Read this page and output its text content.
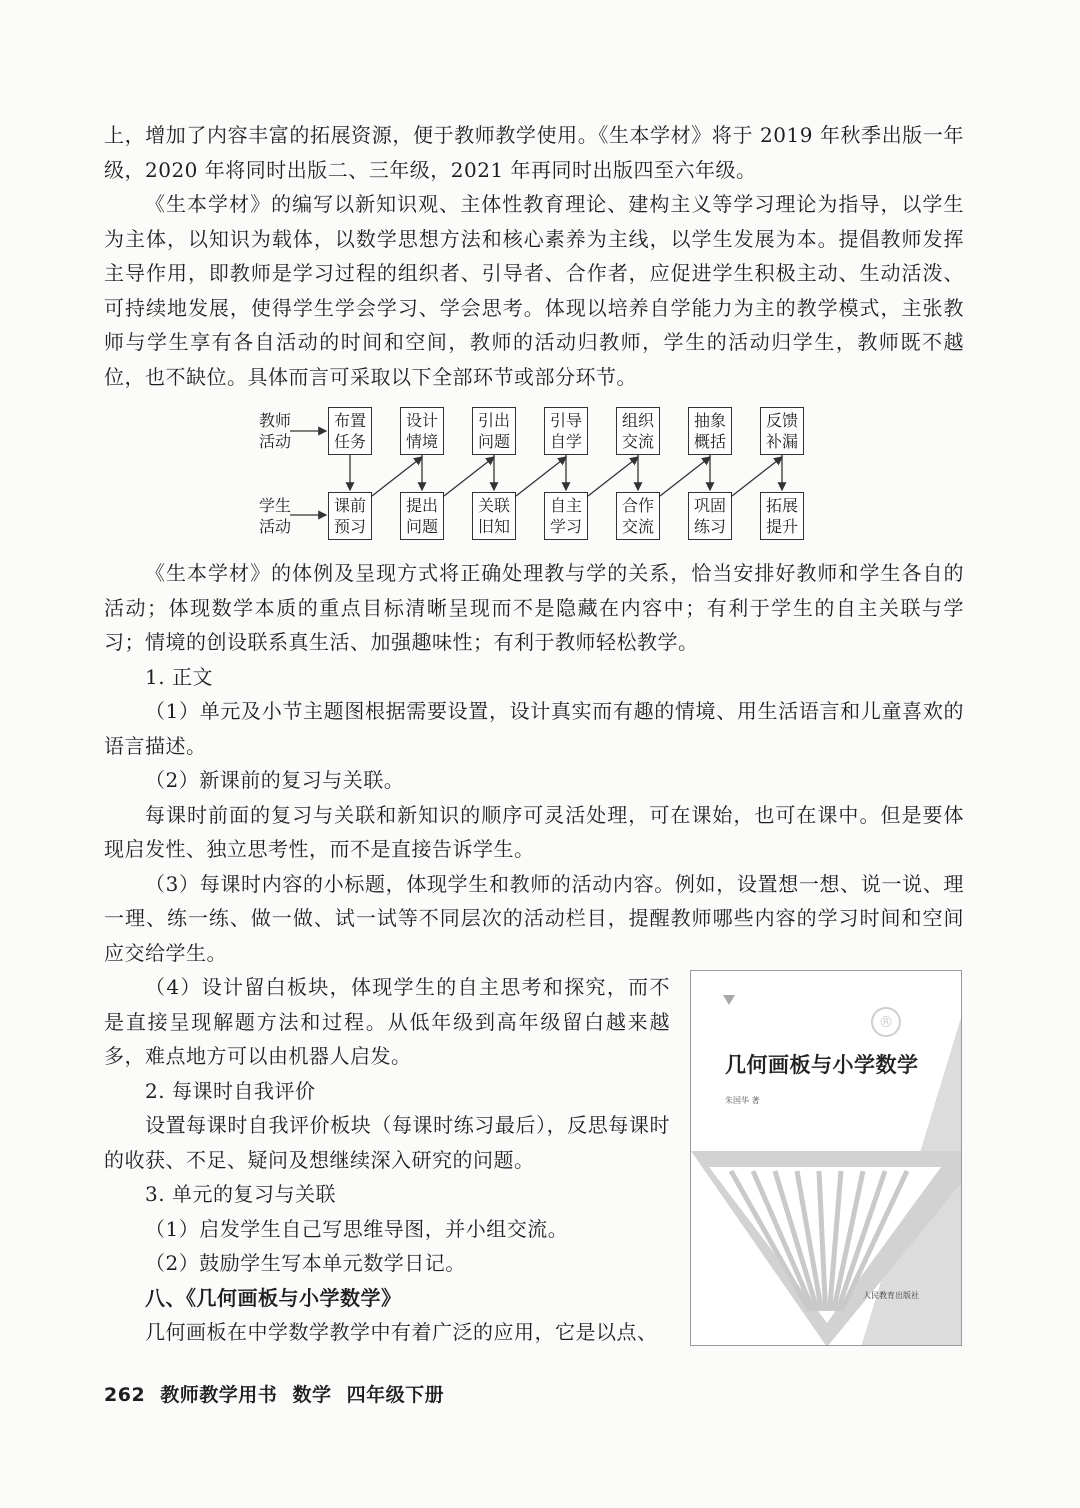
上，增加了内容丰富的拓展资源，便于教师教学使用。《生本学材》将于 2019 年秋季出版一年级，2020 年将同时出版二、三年级，2021 年再同时出版四至六年级。

《生本学材》的编写以新知识观、主体性教育理论、建构主义等学习理论为指导，以学生为主体，以知识为载体，以数学思想方法和核心素养为主线，以学生发展为本。提倡教师发挥主导作用，即教师是学习过程的组织者、引导者、合作者，应促进学生积极主动、生动活泼、可持续地发展，使得学生学会学习、学会思考。体现以培养自学能力为主的教学模式，主张教师与学生享有各自活动的时间和空间，教师的活动归教师，学生的活动归学生，教师既不越位，也不缺位。具体而言可采取以下全部环节或部分环节。

教师
活动
学生
活动
布置
任务
设计
情境
引出
问题
引导
自学
组织
交流
抽象
概括
反馈
补漏
课前
预习
提出
问题
关联
旧知
自主
学习
合作
交流
巩固
练习
拓展
提升

《生本学材》的体例及呈现方式将正确处理教与学的关系，恰当安排好教师和学生各自的活动；体现数学本质的重点目标清晰呈现而不是隐藏在内容中；有利于学生的自主关联与学习；情境的创设联系真生活、加强趣味性；有利于教师轻松教学。

1. 正文

（1）单元及小节主题图根据需要设置，设计真实而有趣的情境、用生活语言和儿童喜欢的语言描述。

（2）新课前的复习与关联。

每课时前面的复习与关联和新知识的顺序可灵活处理，可在课始，也可在课中。但是要体现启发性、独立思考性，而不是直接告诉学生。

（3）每课时内容的小标题，体现学生和教师的活动内容。例如，设置想一想、说一说、理一理、练一练、做一做、试一试等不同层次的活动栏目，提醒教师哪些内容的学习时间和空间应交给学生。

（4）设计留白板块，体现学生的自主思考和探究，而不是直接呈现解题方法和过程。从低年级到高年级留白越来越多，难点地方可以由机器人启发。

2. 每课时自我评价

设置每课时自我评价板块（每课时练习最后），反思每课时的收获、不足、疑问及想继续深入研究的问题。

3. 单元的复习与关联

（1）启发学生自己写思维导图，并小组交流。

（2）鼓励学生写本单元数学日记。

八、《几何画板与小学数学》

几何画板在中学数学教学中有着广泛的应用，它是以点、

®
几何画板与小学数学
朱国华 著
人民教育出版社
262 教师教学用书 数学 四年级下册
